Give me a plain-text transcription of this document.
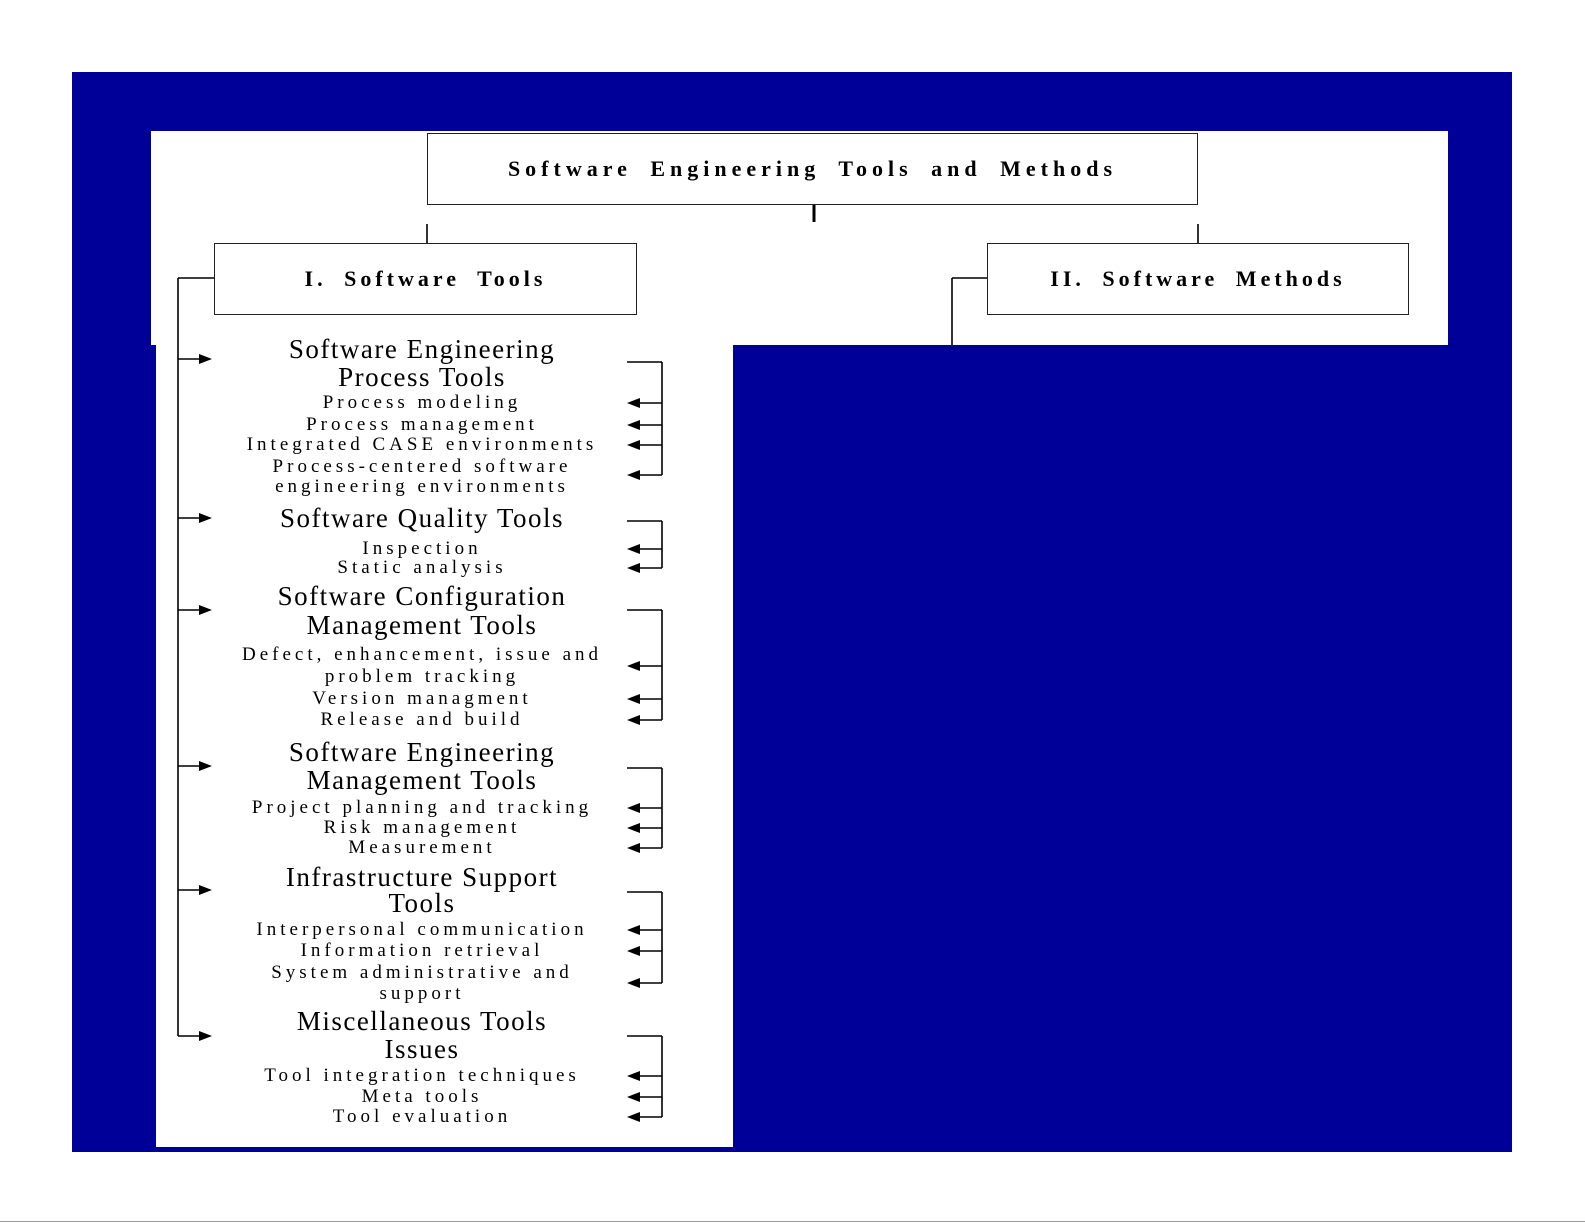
Software Engineering Tools and Methods
I. Software Tools	II. Software Methods
Software Engineering
Process Tools
Process modeling
Process management
Integrated CASE environments
Process-centered software
engineering environments
Software Quality Tools
Inspection
Static analysis
Software Configuration
Management Tools
Defect, enhancement, issue and
problem tracking
Version managment
Release and build
Software Engineering
Management Tools
Project planning and tracking
Risk management
Measurement
Infrastructure Support
Tools
Interpersonal communication
Information retrieval
System administrative and
support
Miscellaneous Tools
Issues
Tool integration techniques
Meta tools
Tool evaluation
